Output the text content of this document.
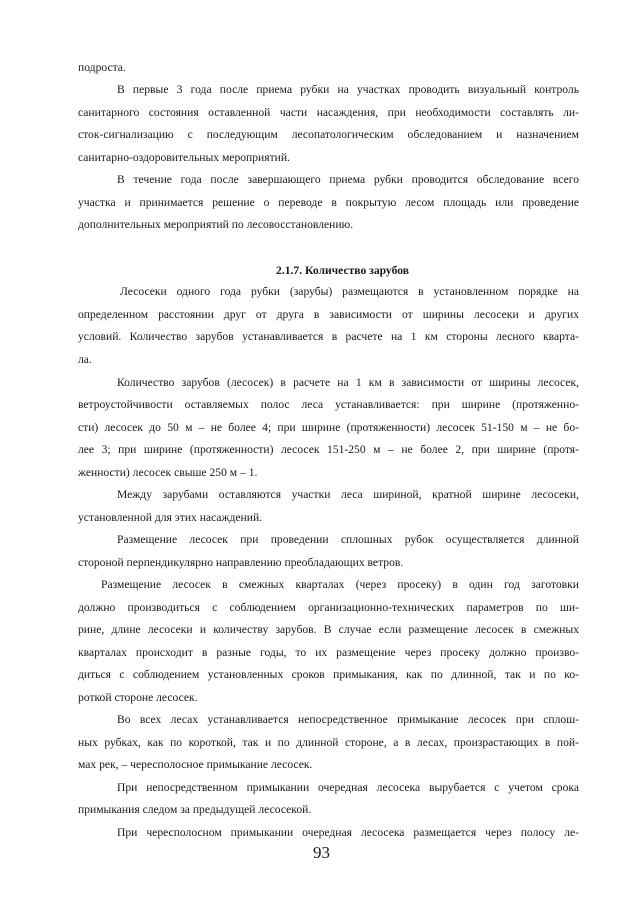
подроста.
В первые 3 года после приема рубки на участках проводить визуальный контроль
санитарного состояния оставленной части насаждения, при необходимости составлять ли-
сток-сигнализацию с последующим лесопатологическим обследованием и назначением
санитарно-оздоровительных мероприятий.
В течение года после завершающего приема рубки проводится обследование всего
участка и принимается решение о переводе в покрытую лесом площадь или проведение
дополнительных мероприятий по лесовосстановлению.
2.1.7. Количество зарубов
Лесосеки одного года рубки (зарубы) размещаются в установленном порядке на
определенном расстоянии друг от друга в зависимости от ширины лесосеки и других
условий. Количество зарубов устанавливается в расчете на 1 км стороны лесного кварта-
ла.
Количество зарубов (лесосек) в расчете на 1 км в зависимости от ширины лесосек,
ветроустойчивости оставляемых полос леса устанавливается: при ширине (протяженно-
сти) лесосек до 50 м – не более 4; при ширине (протяженности) лесосек 51-150 м – не бо-
лее 3; при ширине (протяженности) лесосек 151-250 м – не более 2, при ширине (протя-
женности) лесосек свыше 250 м – 1.
Между зарубами оставляются участки леса шириной, кратной ширине лесосеки,
установленной для этих насаждений.
Размещение лесосек при проведении сплошных рубок осуществляется длинной
стороной перпендикулярно направлению преобладающих ветров.
Размещение лесосек в смежных кварталах (через просеку) в один год заготовки
должно производиться с соблюдением организационно-технических параметров по ши-
рине, длине лесосеки и количеству зарубов. В случае если размещение лесосек в смежных
кварталах происходит в разные годы, то их размещение через просеку должно произво-
диться с соблюдением установленных сроков примыкания, как по длинной, так и по ко-
роткой стороне лесосек.
Во всех лесах устанавливается непосредственное примыкание лесосек при сплош-
ных рубках, как по короткой, так и по длинной стороне, а в лесах, произрастающих в пой-
мах рек, – чересполосное примыкание лесосек.
При непосредственном примыкании очередная лесосека вырубается с учетом срока
примыкания следом за предыдущей лесосекой.
При чересполосном примыкании очередная лесосека размещается через полосу ле-
93
